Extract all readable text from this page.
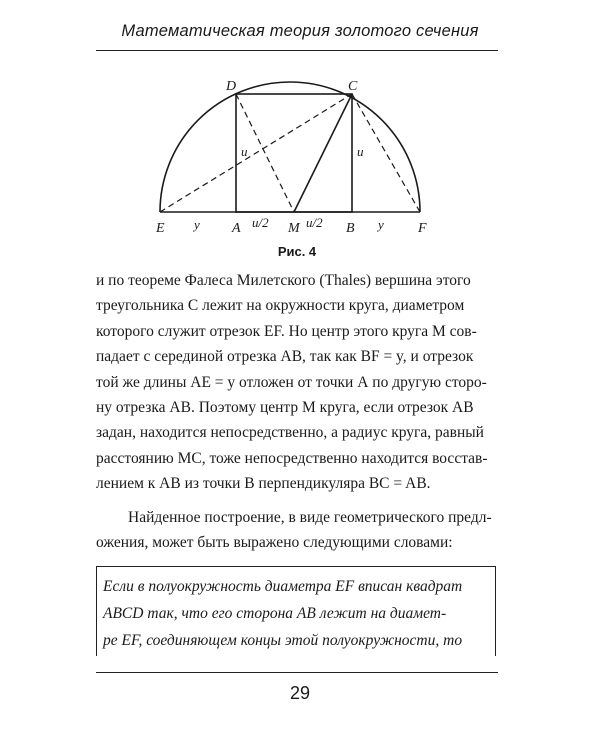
Математическая теория золотого сечения
D	C
E	A	M	B	F
y	u/2	u/2	y
u	u
Рис. 4
и по теореме Фалеса Милетского (Thales) вершина этого
треугольника C лежит на окружности круга, диаметром
которого служит отрезок EF. Но центр этого круга M сов-
падает с серединой отрезка AB, так как BF = y, и отрезок
той же длины AE = y отложен от точки А по другую сторо-
ну отрезка AB. Поэтому центр M круга, если отрезок AB
задан, находится непосредственно, а радиус круга, равный
расстоянию MC, тоже непосредственно находится восстав-
лением к AB из точки B перпендикуляра BC = AB.
Найденное построение, в виде геометрического предл-
ожения, может быть выражено следующими словами:
Если в полуокружность диаметра EF вписан квадрат
ABCD так, что его сторона AB лежит на диамет-
ре EF, соединяющем концы этой полуокружности, то
29
